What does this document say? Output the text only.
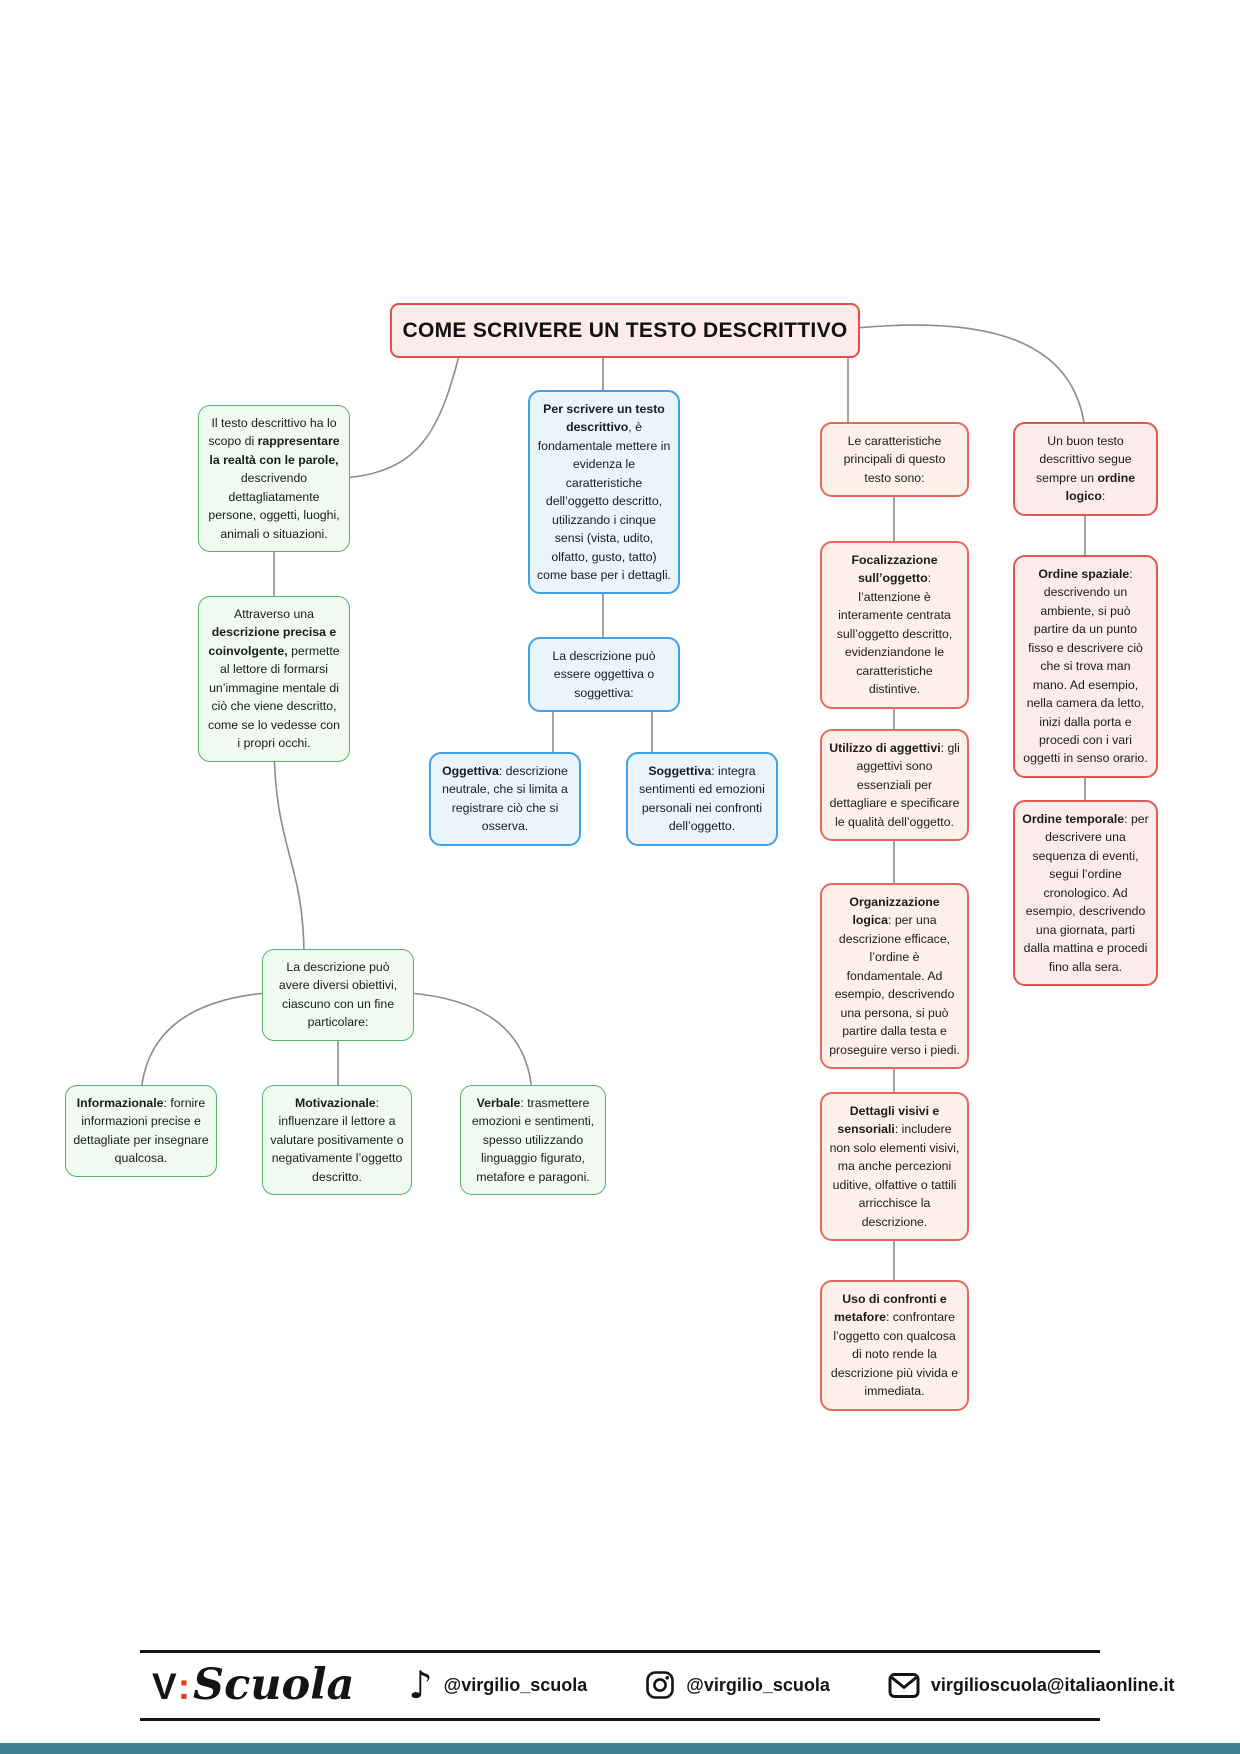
COME SCRIVERE UN TESTO DESCRITTIVO
Il testo descrittivo ha lo scopo di rappresentare la realtà con le parole, descrivendo dettagliatamente persone, oggetti, luoghi, animali o situazioni.
Attraverso una descrizione precisa e coinvolgente, permette al lettore di formarsi un’immagine mentale di ciò che viene descritto, come se lo vedesse con i propri occhi.
La descrizione può avere diversi obiettivi, ciascuno con un fine particolare:
Informazionale: fornire informazioni precise e dettagliate per insegnare qualcosa.
Motivazionale: influenzare il lettore a valutare positivamente o negativamente l’oggetto descritto.
Verbale: trasmettere emozioni e sentimenti, spesso utilizzando linguaggio figurato, metafore e paragoni.
Per scrivere un testo descrittivo, è fondamentale mettere in evidenza le caratteristiche dell’oggetto descritto, utilizzando i cinque sensi (vista, udito, olfatto, gusto, tatto) come base per i dettagli.
La descrizione può essere oggettiva o soggettiva:
Oggettiva: descrizione neutrale, che si limita a registrare ciò che si osserva.
Soggettiva: integra sentimenti ed emozioni personali nei confronti dell’oggetto.
Le caratteristiche principali di questo testo sono:
Focalizzazione sull’oggetto: l’attenzione è interamente centrata sull’oggetto descritto, evidenziandone le caratteristiche distintive.
Utilizzo di aggettivi: gli aggettivi sono essenziali per dettagliare e specificare le qualità dell’oggetto.
Organizzazione logica: per una descrizione efficace, l’ordine è fondamentale. Ad esempio, descrivendo una persona, si può partire dalla testa e proseguire verso i piedi.
Dettagli visivi e sensoriali: includere non solo elementi visivi, ma anche percezioni uditive, olfattive o tattili arricchisce la descrizione.
Uso di confronti e metafore: confrontare l’oggetto con qualcosa di noto rende la descrizione più vivida e immediata.
Un buon testo descrittivo segue sempre un ordine logico:
Ordine spaziale: descrivendo un ambiente, si può partire da un punto fisso e descrivere ciò che si trova man mano. Ad esempio, nella camera da letto, inizi dalla porta e procedi con i vari oggetti in senso orario.
Ordine temporale: per descrivere una sequenza di eventi, segui l’ordine cronologico. Ad esempio, descrivendo una giornata, parti dalla mattina e procedi fino alla sera.
V : Scuola ♪ @virgilio_scuola	@virgilio_scuola	virgilioscuola@italiaonline.it
